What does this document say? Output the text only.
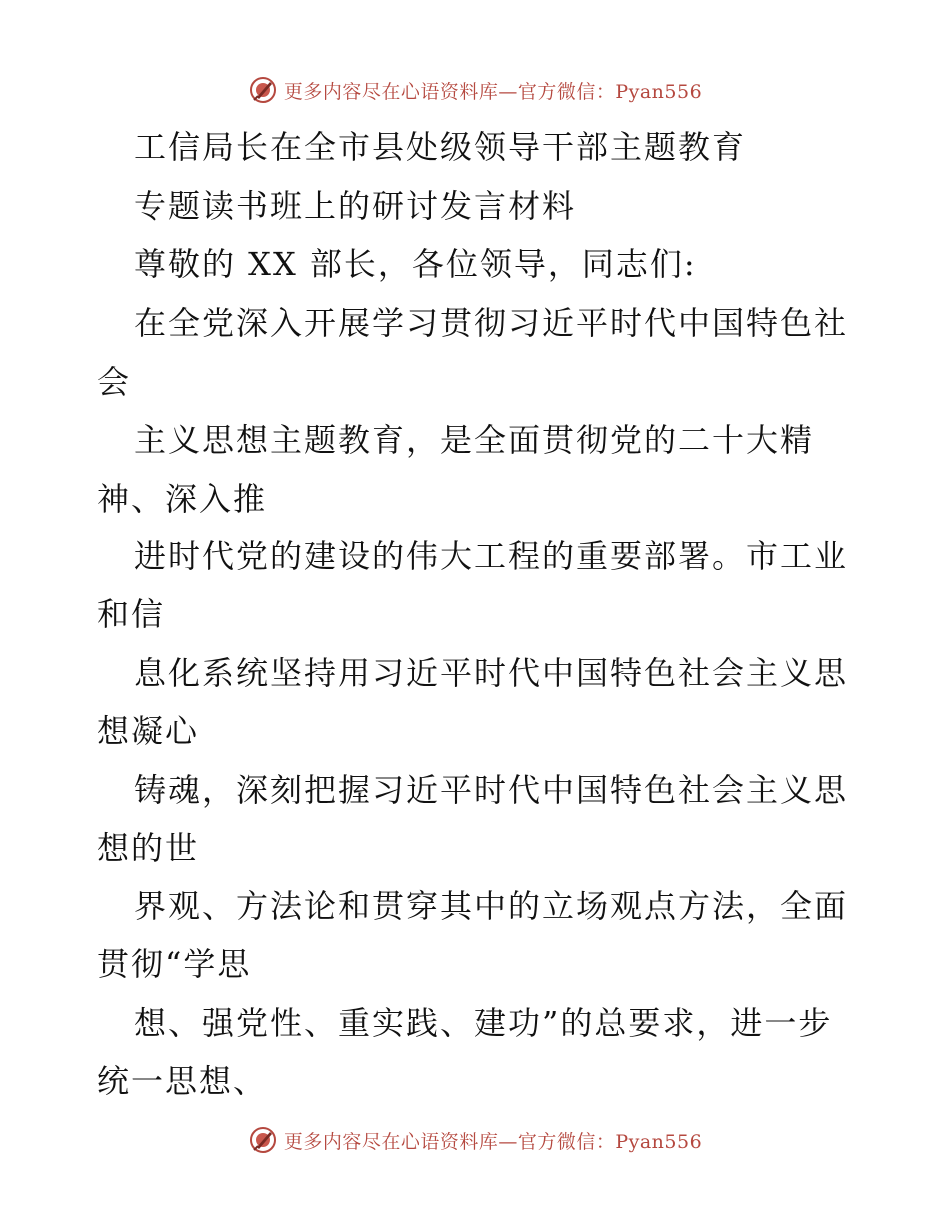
更多内容尽在心语资料库—官方微信：Pyan556
工信局长在全市县处级领导干部主题教育
专题读书班上的研讨发言材料
尊敬的 XX 部长，各位领导，同志们:
在全党深入开展学习贯彻习近平时代中国特色社
会
主义思想主题教育，是全面贯彻党的二十大精
神、深入推
进时代党的建设的伟大工程的重要部署。市工业
和信
息化系统坚持用习近平时代中国特色社会主义思
想凝心
铸魂，深刻把握习近平时代中国特色社会主义思
想的世
界观、方法论和贯穿其中的立场观点方法，全面
贯彻“学思
想、强党性、重实践、建功”的总要求，进一步
统一思想、
更多内容尽在心语资料库—官方微信：Pyan556
